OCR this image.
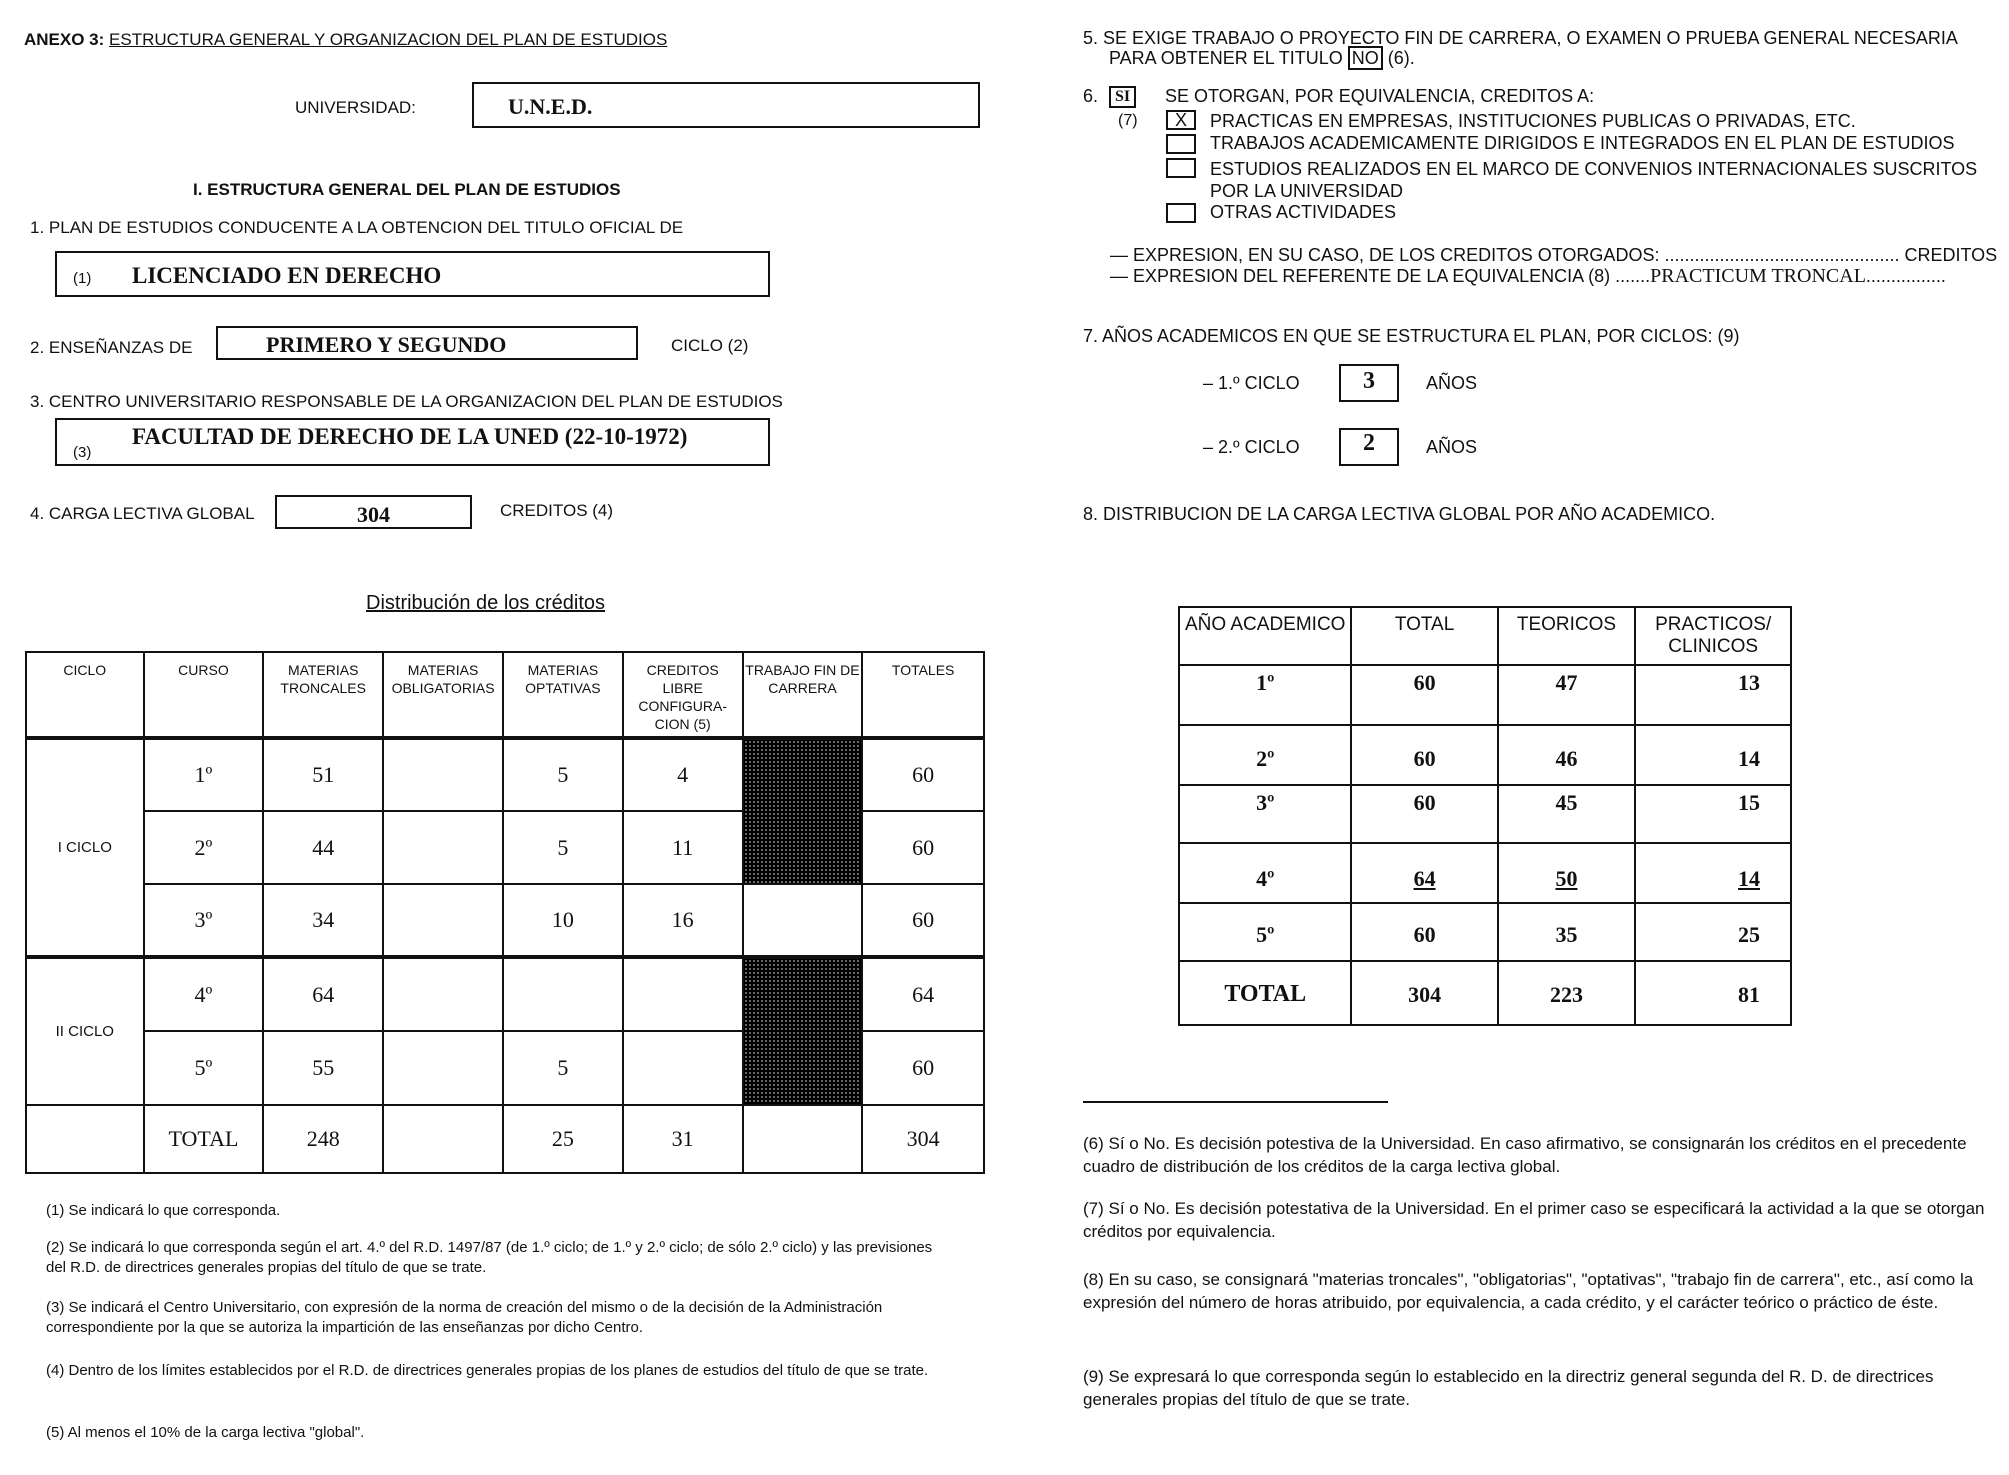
ANEXO 3: ESTRUCTURA GENERAL Y ORGANIZACION DEL PLAN DE ESTUDIOS
UNIVERSIDAD:	U.N.E.D.
I. ESTRUCTURA GENERAL DEL PLAN DE ESTUDIOS
1. PLAN DE ESTUDIOS CONDUCENTE A LA OBTENCION DEL TITULO OFICIAL DE
(1) LICENCIADO EN DERECHO
2. ENSEÑANZAS DE	PRIMERO Y SEGUNDO	CICLO (2)
3. CENTRO UNIVERSITARIO RESPONSABLE DE LA ORGANIZACION DEL PLAN DE ESTUDIOS
(3)
FACULTAD DE DERECHO DE LA UNED (22-10-1972)
4. CARGA LECTIVA GLOBAL	304	CREDITOS (4)
Distribución de los créditos
CICLO	CURSO	MATERIAS TRONCALES	MATERIAS OBLIGATORIAS	MATERIAS OPTATIVAS	CREDITOS LIBRE CONFIGURA-CION (5)	TRABAJO FIN DE CARRERA	TOTALES
I CICLO	1º	51		5	4		60
	2º	44		5	11		60
	3º	34		10	16		60
II CICLO	4º	64					64
	5º	55		5			60
	TOTAL	248		25	31		304
(1) Se indicará lo que corresponda.
(2) Se indicará lo que corresponda según el art. 4.º del R.D. 1497/87 (de 1.º ciclo; de 1.º y 2.º ciclo; de sólo 2.º ciclo) y las previsiones del R.D. de directrices generales propias del título de que se trate.
(3) Se indicará el Centro Universitario, con expresión de la norma de creación del mismo o de la decisión de la Administración correspondiente por la que se autoriza la impartición de las enseñanzas por dicho Centro.
(4) Dentro de los límites establecidos por el R.D. de directrices generales propias de los planes de estudios del título de que se trate.
(5) Al menos el 10% de la carga lectiva "global".
5. SE EXIGE TRABAJO O PROYECTO FIN DE CARRERA, O EXAMEN O PRUEBA GENERAL NECESARIA
PARA OBTENER EL TITULO NO (6).
6.	SI
(7)
SE OTORGAN, POR EQUIVALENCIA, CREDITOS A:
X	PRACTICAS EN EMPRESAS, INSTITUCIONES PUBLICAS O PRIVADAS, ETC.
TRABAJOS ACADEMICAMENTE DIRIGIDOS E INTEGRADOS EN EL PLAN DE ESTUDIOS
ESTUDIOS REALIZADOS EN EL MARCO DE CONVENIOS INTERNACIONALES SUSCRITOS POR LA UNIVERSIDAD
OTRAS ACTIVIDADES
— EXPRESION, EN SU CASO, DE LOS CREDITOS OTORGADOS: ............................................... CREDITOS
— EXPRESION DEL REFERENTE DE LA EQUIVALENCIA (8) .......PRACTICUM TRONCAL................
7. AÑOS ACADEMICOS EN QUE SE ESTRUCTURA EL PLAN, POR CICLOS: (9)
– 1.º CICLO	3	AÑOS
– 2.º CICLO	2	AÑOS
8. DISTRIBUCION DE LA CARGA LECTIVA GLOBAL POR AÑO ACADEMICO.
AÑO ACADEMICO	TOTAL	TEORICOS	PRACTICOS/ CLINICOS
1º	60	47	13
2º	60	46	14
3º	60	45	15
4º	64	50	14
5º	60	35	25
TOTAL	304	223	81
(6) Sí o No. Es decisión potestiva de la Universidad. En caso afirmativo, se consignarán los créditos en el precedente cuadro de distribución de los créditos de la carga lectiva global.
(7) Sí o No. Es decisión potestativa de la Universidad. En el primer caso se especificará la actividad a la que se otorgan créditos por equivalencia.
(8) En su caso, se consignará "materias troncales", "obligatorias", "optativas", "trabajo fin de carrera", etc., así como la expresión del número de horas atribuido, por equivalencia, a cada crédito, y el carácter teórico o práctico de éste.
(9) Se expresará lo que corresponda según lo establecido en la directriz general segunda del R. D. de directrices generales propias del título de que se trate.
